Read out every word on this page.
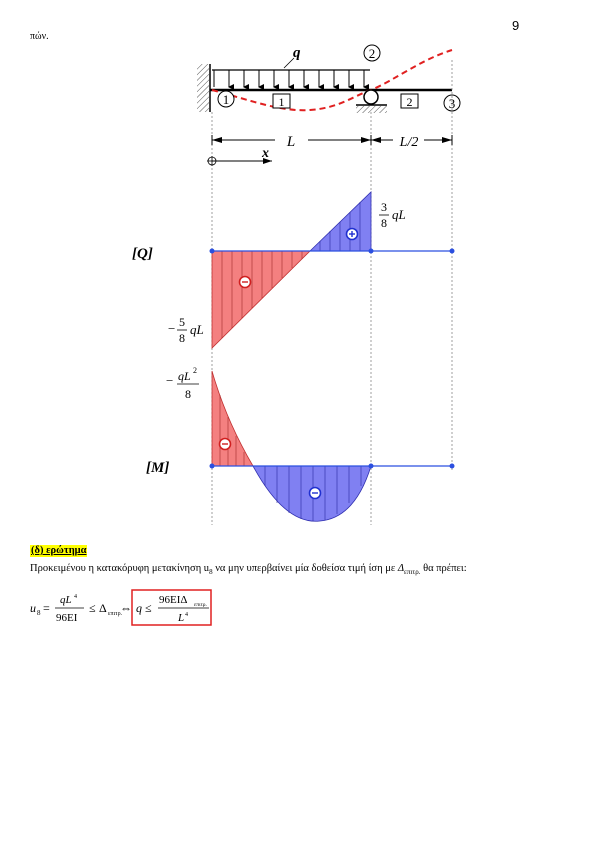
9
πών.
q
1
2
3
1	2
L	L/2
x
[Q]
3
8
qL
− 5
8
qL
[M]
− qL 2
8
(δ) ερώτημα
Προκειμένου η κατακόρυφη μετακίνηση $u_8$ να μην υπερβαίνει μία δοθείσα τιμή ίση με $\Delta_{\varepsilon\pi\iota\tau\rho.}$ θα πρέπει:
u 8 =
qL 4
96EI
≤ Δ επιτρ.
⇔ q ≤
96EIΔ επιτρ.
L 4
